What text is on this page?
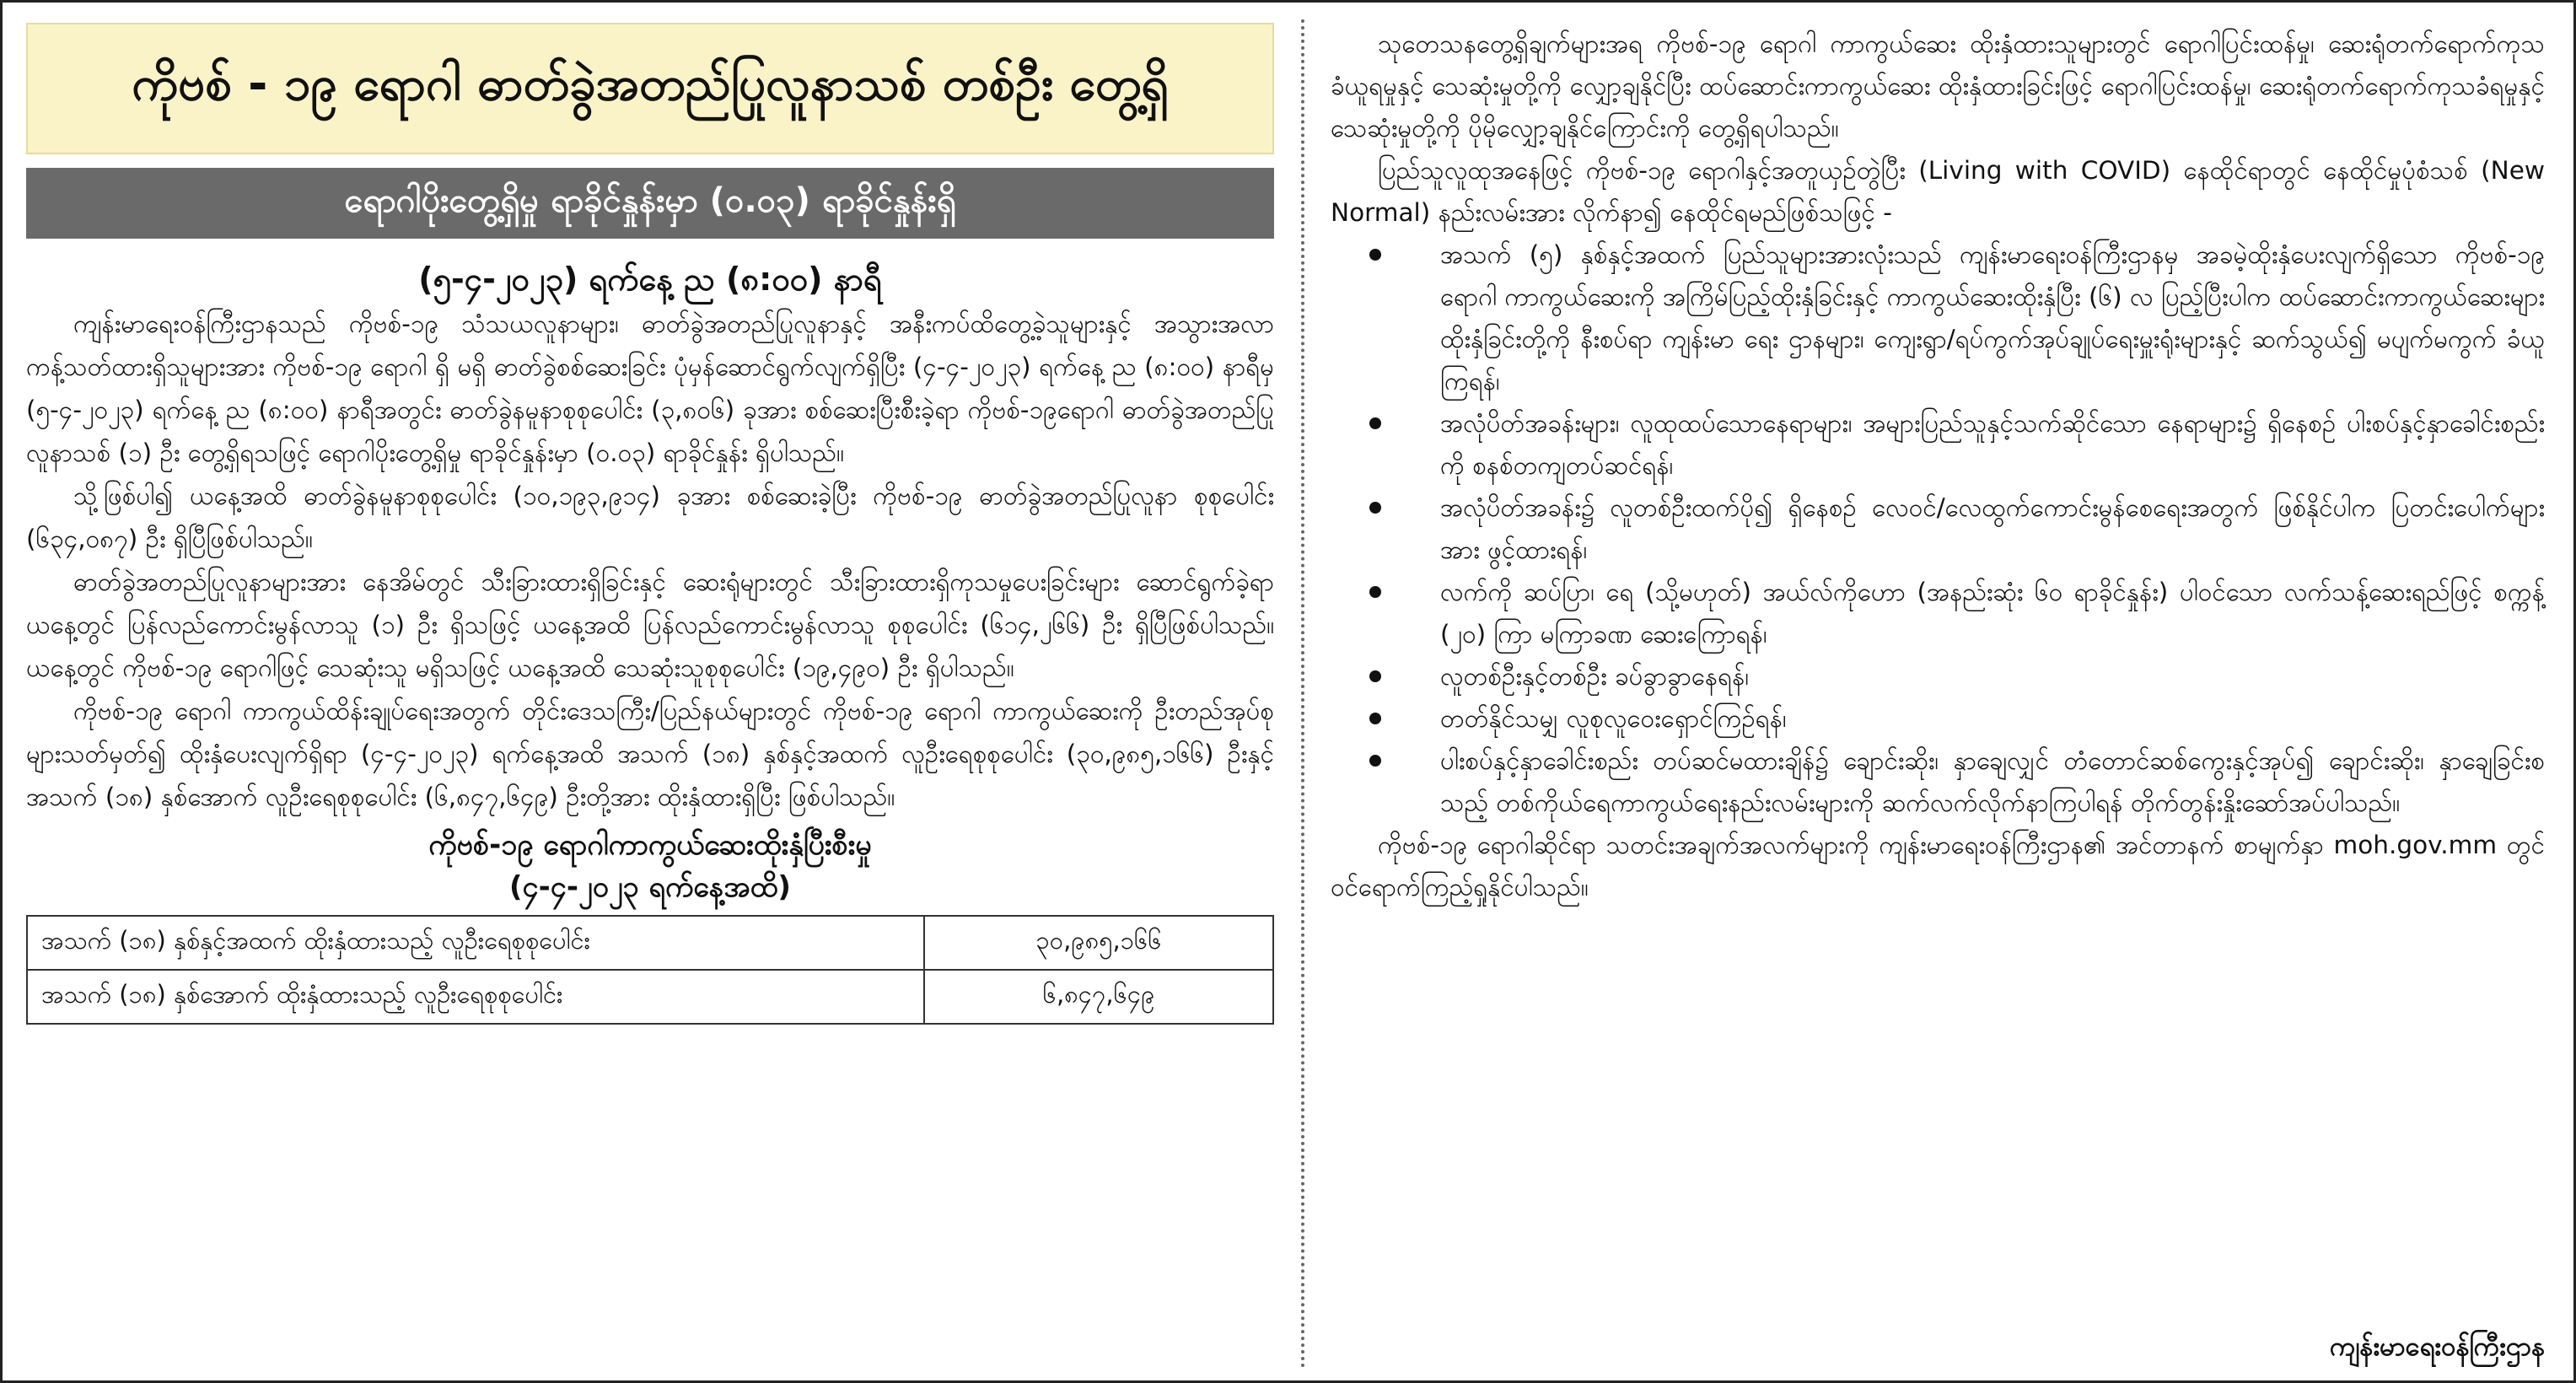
ကိုဗစ် - ၁၉ ရောဂါ ဓာတ်ခွဲအတည်ပြုလူနာသစ် တစ်ဦး တွေ့ရှိ
ရောဂါပိုးတွေ့ရှိမှု ရာခိုင်နှုန်းမှာ (၀.၀၃) ရာခိုင်နှုန်းရှိ
(၅-၄-၂၀၂၃) ရက်နေ့ ည (၈:၀၀) နာရီ

ကျန်းမာရေးဝန်ကြီးဌာနသည် ကိုဗစ်-၁၉ သံသယလူနာများ၊ ဓာတ်ခွဲအတည်ပြုလူနာနှင့် အနီးကပ်ထိတွေ့ခဲ့သူများနှင့် အသွားအလာကန့်သတ်ထားရှိသူများအား ကိုဗစ်-၁၉ ရောဂါ ရှိ မရှိ ဓာတ်ခွဲစစ်ဆေးခြင်း ပုံမှန်ဆောင်ရွက်လျက်ရှိပြီး (၄-၄-၂၀၂၃) ရက်နေ့ ည (၈:၀၀) နာရီမှ (၅-၄-၂၀၂၃) ရက်နေ့ ည (၈:၀၀) နာရီအတွင်း ဓာတ်ခွဲနမူနာစုစုပေါင်း (၃,၈၀၆) ခုအား စစ်ဆေးပြီးစီးခဲ့ရာ ကိုဗစ်-၁၉ရောဂါ ဓာတ်ခွဲအတည်ပြုလူနာသစ် (၁) ဦး တွေ့ရှိရသဖြင့် ရောဂါပိုးတွေ့ရှိမှု ရာခိုင်နှုန်းမှာ (၀.၀၃) ရာခိုင်နှုန်း ရှိပါသည်။

သို့ဖြစ်ပါ၍ ယနေ့အထိ ဓာတ်ခွဲနမူနာစုစုပေါင်း (၁၀,၁၉၃,၉၁၄) ခုအား စစ်ဆေးခဲ့ပြီး ကိုဗစ်-၁၉ ဓာတ်ခွဲအတည်ပြုလူနာ စုစုပေါင်း (၆၃၄,၀၈၇) ဦး ရှိပြီဖြစ်ပါသည်။

ဓာတ်ခွဲအတည်ပြုလူနာများအား နေအိမ်တွင် သီးခြားထားရှိခြင်းနှင့် ဆေးရုံများတွင် သီးခြားထားရှိကုသမှုပေးခြင်းများ ဆောင်ရွက်ခဲ့ရာ ယနေ့တွင် ပြန်လည်ကောင်းမွန်လာသူ (၁) ဦး ရှိသဖြင့် ယနေ့အထိ ပြန်လည်ကောင်းမွန်လာသူ စုစုပေါင်း (၆၁၄,၂၆၆) ဦး ရှိပြီဖြစ်ပါသည်။ ယနေ့တွင် ကိုဗစ်-၁၉ ရောဂါဖြင့် သေဆုံးသူ မရှိသဖြင့် ယနေ့အထိ သေဆုံးသူစုစုပေါင်း (၁၉,၄၉၀) ဦး ရှိပါသည်။

ကိုဗစ်-၁၉ ရောဂါ ကာကွယ်ထိန်းချုပ်ရေးအတွက် တိုင်းဒေသကြီး/ပြည်နယ်များတွင် ကိုဗစ်-၁၉ ရောဂါ ကာကွယ်ဆေးကို ဦးတည်အုပ်စုများသတ်မှတ်၍ ထိုးနှံပေးလျက်ရှိရာ (၄-၄-၂၀၂၃) ရက်နေ့အထိ အသက် (၁၈) နှစ်နှင့်အထက် လူဦးရေစုစုပေါင်း (၃၀,၉၈၅,၁၆၆) ဦးနှင့် အသက် (၁၈) နှစ်အောက် လူဦးရေစုစုပေါင်း (၆,၈၄၇,၆၄၉) ဦးတို့အား ထိုးနှံထားရှိပြီး ဖြစ်ပါသည်။

ကိုဗစ်-၁၉ ရောဂါကာကွယ်ဆေးထိုးနှံပြီးစီးမှု
(၄-၄-၂၀၂၃ ရက်နေ့အထိ)
အသက် (၁၈) နှစ်နှင့်အထက် ထိုးနှံထားသည့် လူဦးရေစုစုပေါင်း	၃၀,၉၈၅,၁၆၆
အသက် (၁၈) နှစ်အောက် ထိုးနှံထားသည့် လူဦးရေစုစုပေါင်း	၆,၈၄၇,၆၄၉

သုတေသနတွေ့ရှိချက်များအရ ကိုဗစ်-၁၉ ရောဂါ ကာကွယ်ဆေး ထိုးနှံထားသူများတွင် ရောဂါပြင်းထန်မှု၊ ဆေးရုံတက်ရောက်ကုသခံယူရမှုနှင့် သေဆုံးမှုတို့ကို လျှော့ချနိုင်ပြီး ထပ်ဆောင်းကာကွယ်ဆေး ထိုးနှံထားခြင်းဖြင့် ရောဂါပြင်းထန်မှု၊ ဆေးရုံတက်ရောက်ကုသခံရမှုနှင့် သေဆုံးမှုတို့ကို ပိုမိုလျှော့ချနိုင်ကြောင်းကို တွေ့ရှိရပါသည်။

ပြည်သူလူထုအနေဖြင့် ကိုဗစ်-၁၉ ရောဂါနှင့်အတူယှဉ်တွဲပြီး (Living with COVID) နေထိုင်ရာတွင် နေထိုင်မှုပုံစံသစ် (New Normal) နည်းလမ်းအား လိုက်နာ၍ နေထိုင်ရမည်ဖြစ်သဖြင့် -

အသက် (၅) နှစ်နှင့်အထက် ပြည်သူများအားလုံးသည် ကျန်းမာရေးဝန်ကြီးဌာနမှ အခမဲ့ထိုးနှံပေးလျက်ရှိသော ကိုဗစ်-၁၉ ရောဂါ ကာကွယ်ဆေးကို အကြိမ်ပြည့်ထိုးနှံခြင်းနှင့် ကာကွယ်ဆေးထိုးနှံပြီး (၆) လ ပြည့်ပြီးပါက ထပ်ဆောင်းကာကွယ်ဆေးများ ထိုးနှံခြင်းတို့ကို နီးစပ်ရာ ကျန်းမာ ရေး ဌာနများ၊ ကျေးရွာ/ရပ်ကွက်အုပ်ချုပ်ရေးမှူးရုံးများနှင့် ဆက်သွယ်၍ မပျက်မကွက် ခံယူကြရန်၊
အလုံပိတ်အခန်းများ၊ လူထုထပ်သောနေရာများ၊ အများပြည်သူနှင့်သက်ဆိုင်သော နေရာများ၌ ရှိနေစဉ် ပါးစပ်နှင့်နှာခေါင်းစည်းကို စနစ်တကျတပ်ဆင်ရန်၊
အလုံပိတ်အခန်း၌ လူတစ်ဦးထက်ပို၍ ရှိနေစဉ် လေဝင်/လေထွက်ကောင်းမွန်စေရေးအတွက် ဖြစ်နိုင်ပါက ပြတင်းပေါက်များအား ဖွင့်ထားရန်၊
လက်ကို ဆပ်ပြာ၊ ရေ (သို့မဟုတ်) အယ်လ်ကိုဟော (အနည်းဆုံး ၆၀ ရာခိုင်နှုန်း) ပါဝင်သော လက်သန့်ဆေးရည်ဖြင့် စက္ကန့် (၂၀) ကြာ မကြာခဏ ဆေးကြောရန်၊
လူတစ်ဦးနှင့်တစ်ဦး ခပ်ခွာခွာနေရန်၊
တတ်နိုင်သမျှ လူစုလူဝေးရှောင်ကြဉ်ရန်၊
ပါးစပ်နှင့်နှာခေါင်းစည်း တပ်ဆင်မထားချိန်၌ ချောင်းဆိုး၊ နှာချေလျှင် တံတောင်ဆစ်ကွေးနှင့်အုပ်၍ ချောင်းဆိုး၊ နှာချေခြင်းစသည့် တစ်ကိုယ်ရေကာကွယ်ရေးနည်းလမ်းများကို ဆက်လက်လိုက်နာကြပါရန် တိုက်တွန်းနှိုးဆော်အပ်ပါသည်။

ကိုဗစ်-၁၉ ရောဂါဆိုင်ရာ သတင်းအချက်အလက်များကို ကျန်းမာရေးဝန်ကြီးဌာန၏ အင်တာနက် စာမျက်နှာ moh.gov.mm တွင် ဝင်ရောက်ကြည့်ရှုနိုင်ပါသည်။

ကျန်းမာရေးဝန်ကြီးဌာန
